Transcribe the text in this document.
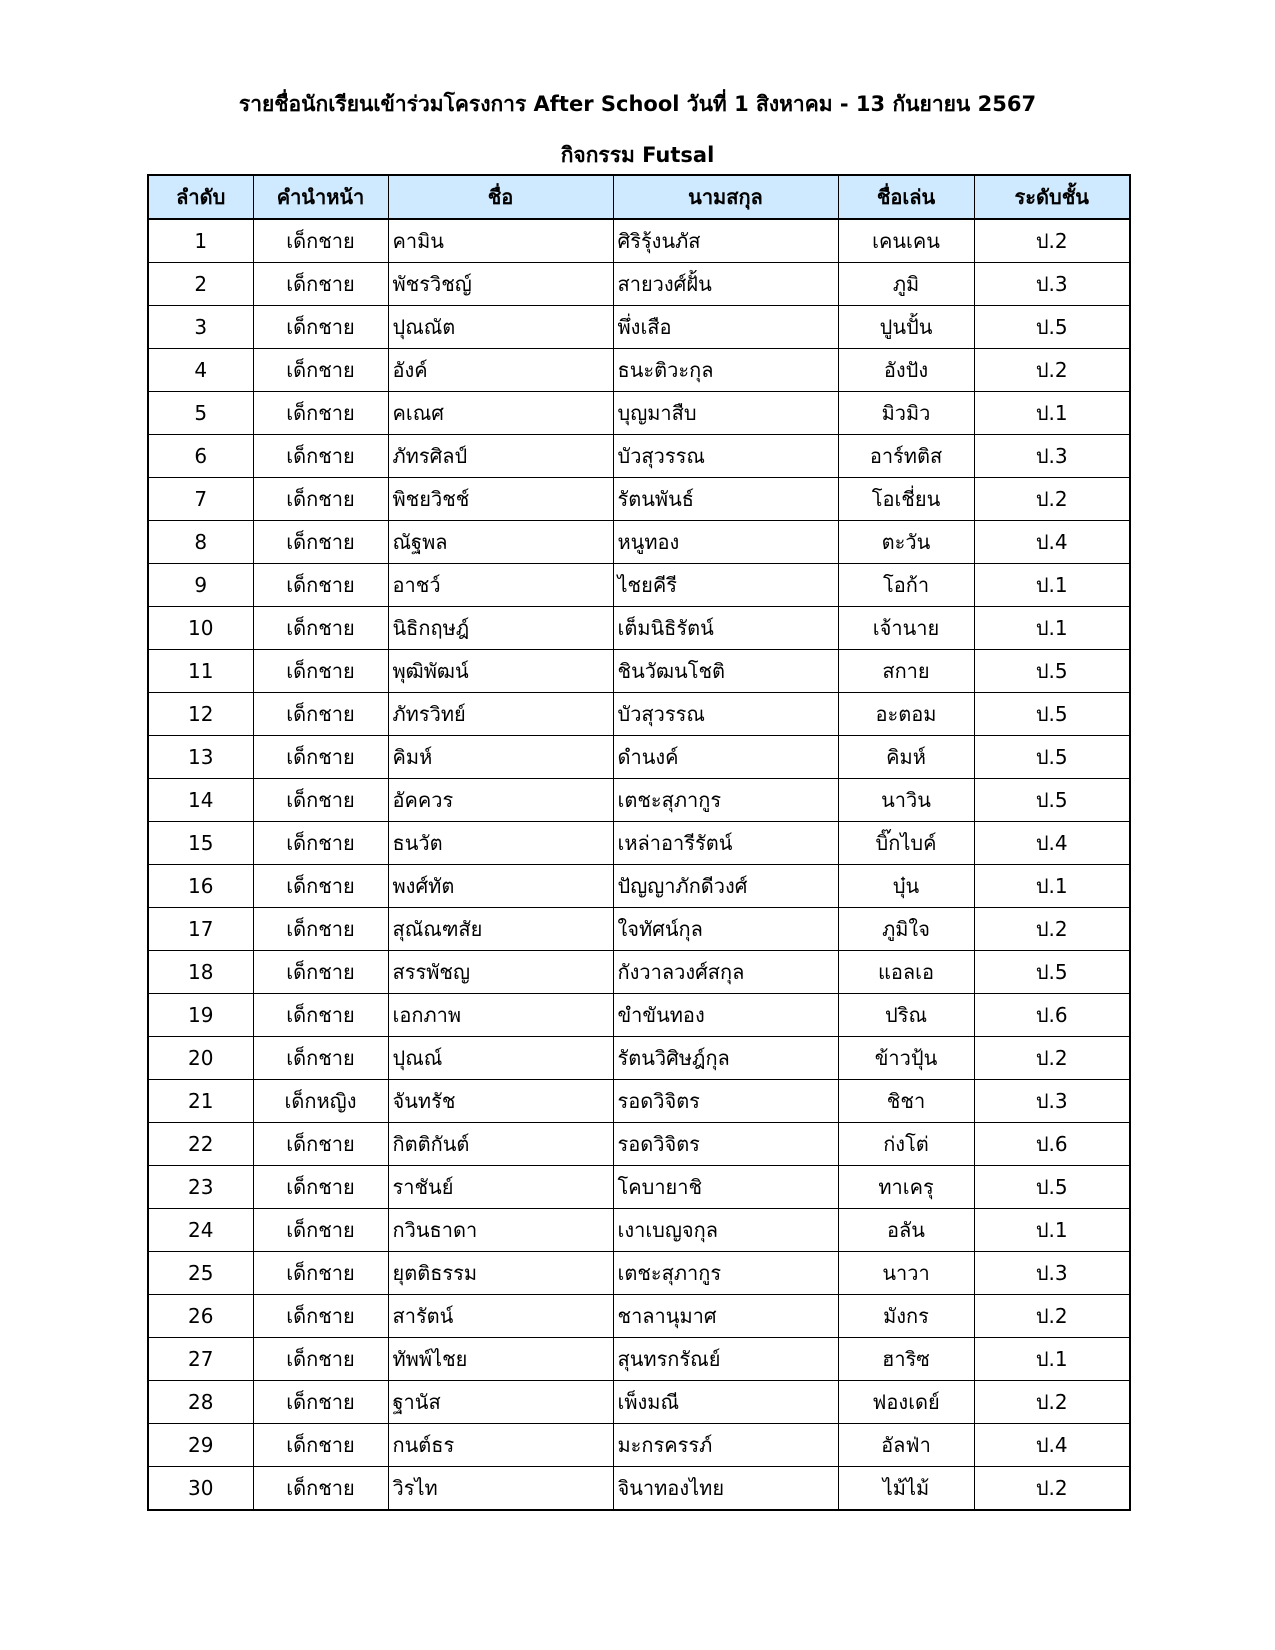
รายชื่อนักเรียนเข้าร่วมโครงการ After School วันที่ 1 สิงหาคม - 13 กันยายน 2567
กิจกรรม Futsal
ลำดับ	คำนำหน้า	ชื่อ	นามสกุล	ชื่อเล่น	ระดับชั้น
1	เด็กชาย	คามิน	ศิริรุ้งนภัส	เคนเคน	ป.2
2	เด็กชาย	พัชรวิชญ์	สายวงศ์ฝั้น	ภูมิ	ป.3
3	เด็กชาย	ปุณณัต	พึ่งเสือ	ปูนปั้น	ป.5
4	เด็กชาย	อังค์	ธนะติวะกุล	อังปัง	ป.2
5	เด็กชาย	คเณศ	บุญมาสืบ	มิวมิว	ป.1
6	เด็กชาย	ภัทรศิลป์	บัวสุวรรณ	อาร์ทติส	ป.3
7	เด็กชาย	พิชยวิชช์	รัตนพันธ์	โอเชี่ยน	ป.2
8	เด็กชาย	ณัฐพล	หนูทอง	ตะวัน	ป.4
9	เด็กชาย	อาชว์	ไชยคีรี	โอก้า	ป.1
10	เด็กชาย	นิธิกฤษฎ์	เต็มนิธิรัตน์	เจ้านาย	ป.1
11	เด็กชาย	พุฒิพัฒน์	ชินวัฒนโชติ	สกาย	ป.5
12	เด็กชาย	ภัทรวิทย์	บัวสุวรรณ	อะตอม	ป.5
13	เด็กชาย	คิมห์	ดำนงค์	คิมห์	ป.5
14	เด็กชาย	อัคควร	เตชะสุภากูร	นาวิน	ป.5
15	เด็กชาย	ธนวัต	เหล่าอารีรัตน์	บิ๊กไบค์	ป.4
16	เด็กชาย	พงศ์ทัต	ปัญญาภักดีวงศ์	บุ๋น	ป.1
17	เด็กชาย	สุณัณฑสัย	ใจทัศน์กุล	ภูมิใจ	ป.2
18	เด็กชาย	สรรพัชญ	กังวาลวงศ์สกุล	แอลเอ	ป.5
19	เด็กชาย	เอกภาพ	ขำขันทอง	ปริณ	ป.6
20	เด็กชาย	ปุณณ์	รัตนวิศิษฎ์กุล	ข้าวปุ้น	ป.2
21	เด็กหญิง	จันทรัช	รอดวิจิตร	ชิชา	ป.3
22	เด็กชาย	กิตติกันต์	รอดวิจิตร	ก่งโต่	ป.6
23	เด็กชาย	ราชันย์	โคบายาชิ	ทาเครุ	ป.5
24	เด็กชาย	กวินธาดา	เงาเบญจกุล	อลัน	ป.1
25	เด็กชาย	ยุตติธรรม	เตชะสุภากูร	นาวา	ป.3
26	เด็กชาย	สารัตน์	ชาลานุมาศ	มังกร	ป.2
27	เด็กชาย	ทัพพ์ไชย	สุนทรกรัณย์	ฮาริซ	ป.1
28	เด็กชาย	ฐานัส	เพ็งมณี	ฟองเดย์	ป.2
29	เด็กชาย	กนต์ธร	มะกรครรภ์	อัลฟ่า	ป.4
30	เด็กชาย	วิรไท	จินาทองไทย	ไม้ไม้	ป.2
